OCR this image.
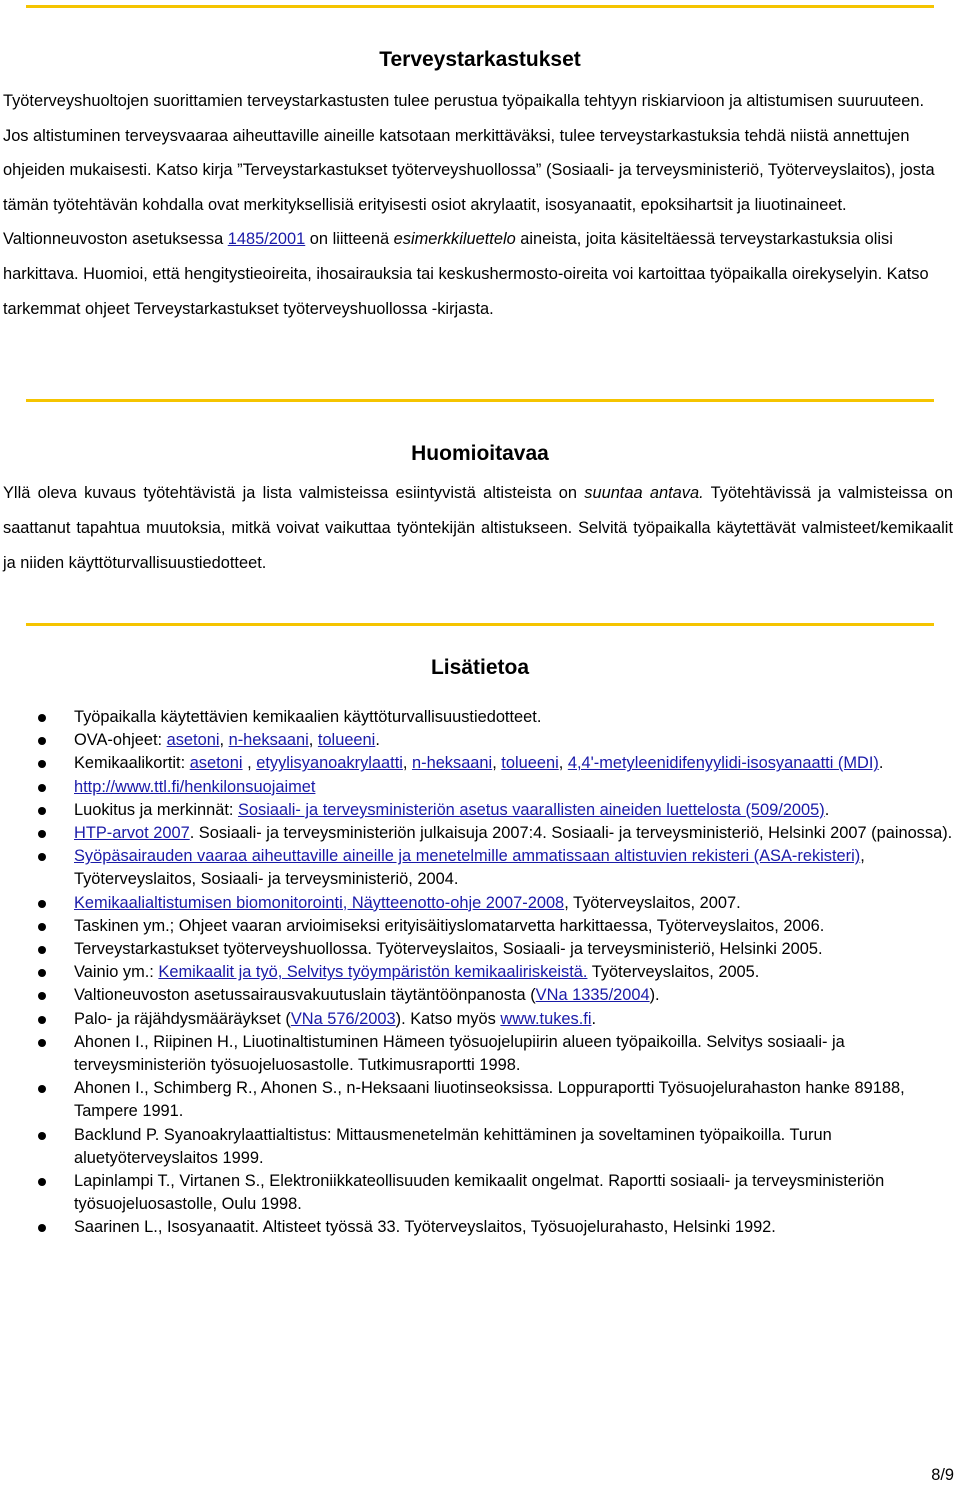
Terveystarkastukset

Työterveyshuoltojen suorittamien terveystarkastusten tulee perustua työpaikalla tehtyyn riskiarvioon ja altistumisen suuruuteen. Jos altistuminen terveysvaaraa aiheuttaville aineille katsotaan merkittäväksi, tulee terveystarkastuksia tehdä niistä annettujen ohjeiden mukaisesti. Katso kirja ”Terveystarkastukset työterveyshuollossa” (Sosiaali- ja terveysministeriö, Työterveyslaitos), josta tämän työtehtävän kohdalla ovat merkityksellisiä erityisesti osiot akrylaatit, isosyanaatit, epoksihartsit ja liuotinaineet. Valtionneuvoston asetuksessa 1485/2001 on liitteenä esimerkkiluettelo aineista, joita käsiteltäessä terveystarkastuksia olisi harkittava. Huomioi, että hengitystieoireita, ihosairauksia tai keskushermosto-oireita voi kartoittaa työpaikalla oirekyselyin. Katso tarkemmat ohjeet Terveystarkastukset työterveyshuollossa -kirjasta.

Huomioitavaa

Yllä oleva kuvaus työtehtävistä ja lista valmisteissa esiintyvistä altisteista on suuntaa antava. Työtehtävissä ja valmisteissa on saattanut tapahtua muutoksia, mitkä voivat vaikuttaa työntekijän altistukseen. Selvitä työpaikalla käytettävät valmisteet/kemikaalit ja niiden käyttöturvallisuustiedotteet.

Lisätietoa
Työpaikalla käytettävien kemikaalien käyttöturvallisuustiedotteet.
OVA-ohjeet: asetoni, n-heksaani, tolueeni.
Kemikaalikortit: asetoni , etyylisyanoakrylaatti, n-heksaani, tolueeni, 4,4'-metyleenidifenyylidi-isosyanaatti (MDI).
http://www.ttl.fi/henkilonsuojaimet
Luokitus ja merkinnät: Sosiaali- ja terveysministeriön asetus vaarallisten aineiden luettelosta (509/2005).
HTP-arvot 2007. Sosiaali- ja terveysministeriön julkaisuja 2007:4. Sosiaali- ja terveysministeriö, Helsinki 2007 (painossa).
Syöpäsairauden vaaraa aiheuttaville aineille ja menetelmille ammatissaan altistuvien rekisteri (ASA-rekisteri), Työterveyslaitos, Sosiaali- ja terveysministeriö, 2004.
Kemikaalialtistumisen biomonitorointi, Näytteenotto-ohje 2007-2008, Työterveyslaitos, 2007.
Taskinen ym.; Ohjeet vaaran arvioimiseksi erityisäitiyslomatarvetta harkittaessa, Työterveyslaitos, 2006.
Terveystarkastukset työterveyshuollossa. Työterveyslaitos, Sosiaali- ja terveysministeriö, Helsinki 2005.
Vainio ym.: Kemikaalit ja työ, Selvitys työympäristön kemikaaliriskeistä. Työterveyslaitos, 2005.
Valtioneuvoston asetussairausvakuutuslain täytäntöönpanosta (VNa 1335/2004).
Palo- ja räjähdysmääräykset (VNa 576/2003). Katso myös www.tukes.fi.
Ahonen I., Riipinen H., Liuotinaltistuminen Hämeen työsuojelupiirin alueen työpaikoilla. Selvitys sosiaali- ja terveysministeriön työsuojeluosastolle. Tutkimusraportti 1998.
Ahonen I., Schimberg R., Ahonen S., n-Heksaani liuotinseoksissa. Loppuraportti Työsuojelurahaston hanke 89188, Tampere 1991.
Backlund P. Syanoakrylaattialtistus: Mittausmenetelmän kehittäminen ja soveltaminen työpaikoilla. Turun aluetyöterveyslaitos 1999.
Lapinlampi T., Virtanen S., Elektroniikkateollisuuden kemikaalit ongelmat. Raportti sosiaali- ja terveysministeriön työsuojeluosastolle, Oulu 1998.
Saarinen L., Isosyanaatit. Altisteet työssä 33. Työterveyslaitos, Työsuojelurahasto, Helsinki 1992.
8/9
